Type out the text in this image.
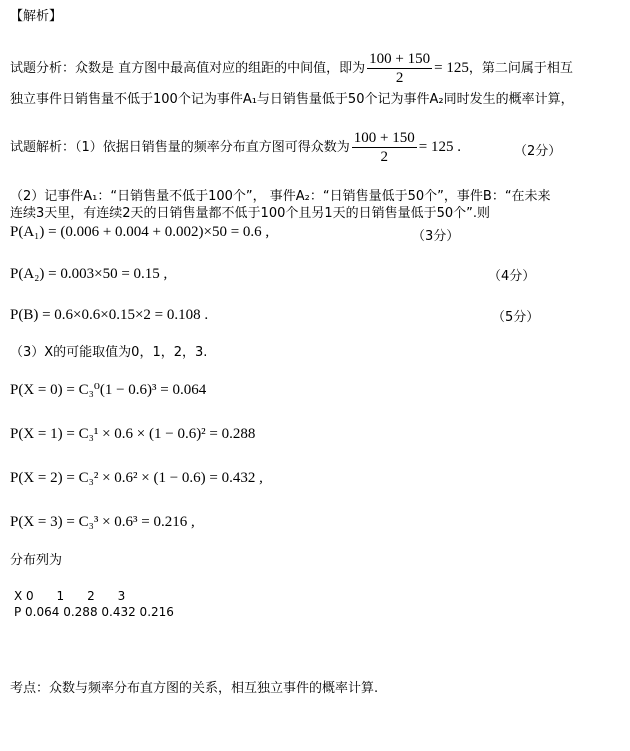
【解析】
试题分析：众数是 直方图中最高值对应的组距的中间值，即为 $\frac{100 + 150}{2} = 125$，第二问属于相互
独立事件日销售量不低于100个记为事件A₁与日销售量低于50个记为事件A₂同时发生的概率计算，
试题解析：（1）依据日销售量的频率分布直方图可得众数为 $\frac{100 + 150}{2} = 125$ .	（2分）
（2）记事件A₁：“日销售量不低于100个”， 事件A₂：“日销售量低于50个”，事件B：“在未来
连续3天里，有连续2天的日销售量都不低于100个且另1天的日销售量低于50个”.则
P(A₁) = (0.006 + 0.004 + 0.002)×50 = 0.6 ,	（3分）
P(A₂) = 0.003×50 = 0.15 ,	（4分）
P(B) = 0.6×0.6×0.15×2 = 0.108 .	（5分）
（3）X的可能取值为0，1，2，3.
P(X = 0) = C₃⁰(1 − 0.6)³ = 0.064
P(X = 1) = C₃¹ × 0.6 × (1 − 0.6)² = 0.288
P(X = 2) = C₃² × 0.6² × (1 − 0.6) = 0.432 ,
P(X = 3) = C₃³ × 0.6³ = 0.216 ,
分布列为
X 0      1      2      3
P 0.064 0.288 0.432 0.216
考点：众数与频率分布直方图的关系，相互独立事件的概率计算.
